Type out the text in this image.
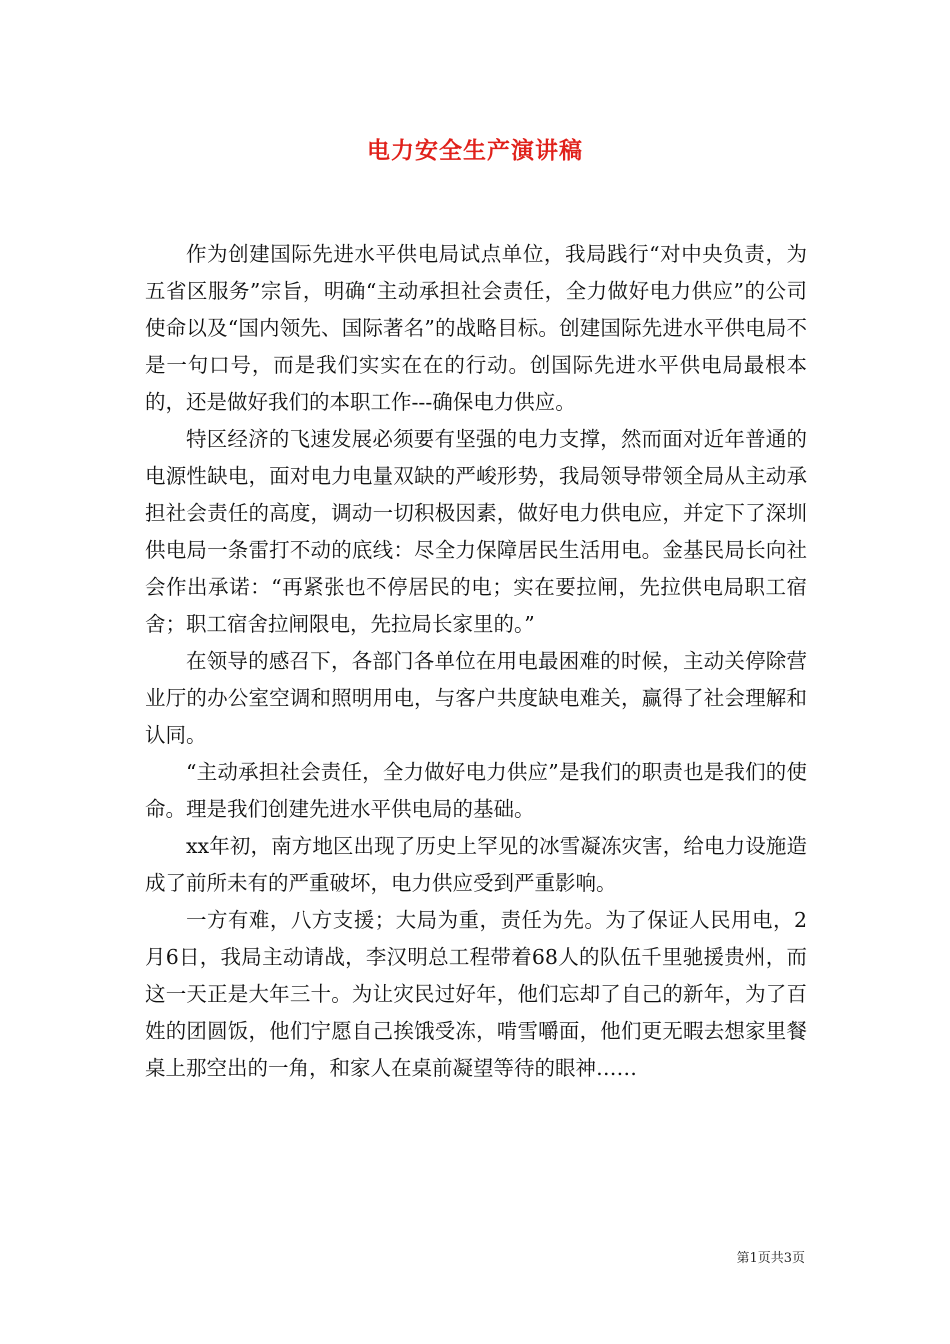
电力安全生产演讲稿

作为创建国际先进水平供电局试点单位，我局践行“对中央负责，为五省区服务”宗旨，明确“主动承担社会责任，全力做好电力供应”的公司使命以及“国内领先、国际著名”的战略目标。创建国际先进水平供电局不是一句口号，而是我们实实在在的行动。创国际先进水平供电局最根本的，还是做好我们的本职工作---确保电力供应。

特区经济的飞速发展必须要有坚强的电力支撑，然而面对近年普通的电源性缺电，面对电力电量双缺的严峻形势，我局领导带领全局从主动承担社会责任的高度，调动一切积极因素，做好电力供电应，并定下了深圳供电局一条雷打不动的底线：尽全力保障居民生活用电。金基民局长向社会作出承诺：“再紧张也不停居民的电；实在要拉闸，先拉供电局职工宿舍；职工宿舍拉闸限电，先拉局长家里的。”

在领导的感召下，各部门各单位在用电最困难的时候，主动关停除营业厅的办公室空调和照明用电，与客户共度缺电难关，赢得了社会理解和认同。

“主动承担社会责任，全力做好电力供应”是我们的职责也是我们的使命。理是我们创建先进水平供电局的基础。

xx年初，南方地区出现了历史上罕见的冰雪凝冻灾害，给电力设施造成了前所未有的严重破坏，电力供应受到严重影响。

一方有难，八方支援；大局为重，责任为先。为了保证人民用电，2月6日，我局主动请战，李汉明总工程带着68人的队伍千里驰援贵州，而这一天正是大年三十。为让灾民过好年，他们忘却了自己的新年，为了百姓的团圆饭，他们宁愿自己挨饿受冻，啃雪嚼面，他们更无暇去想家里餐桌上那空出的一角，和家人在桌前凝望等待的眼神……

第1页共3页
